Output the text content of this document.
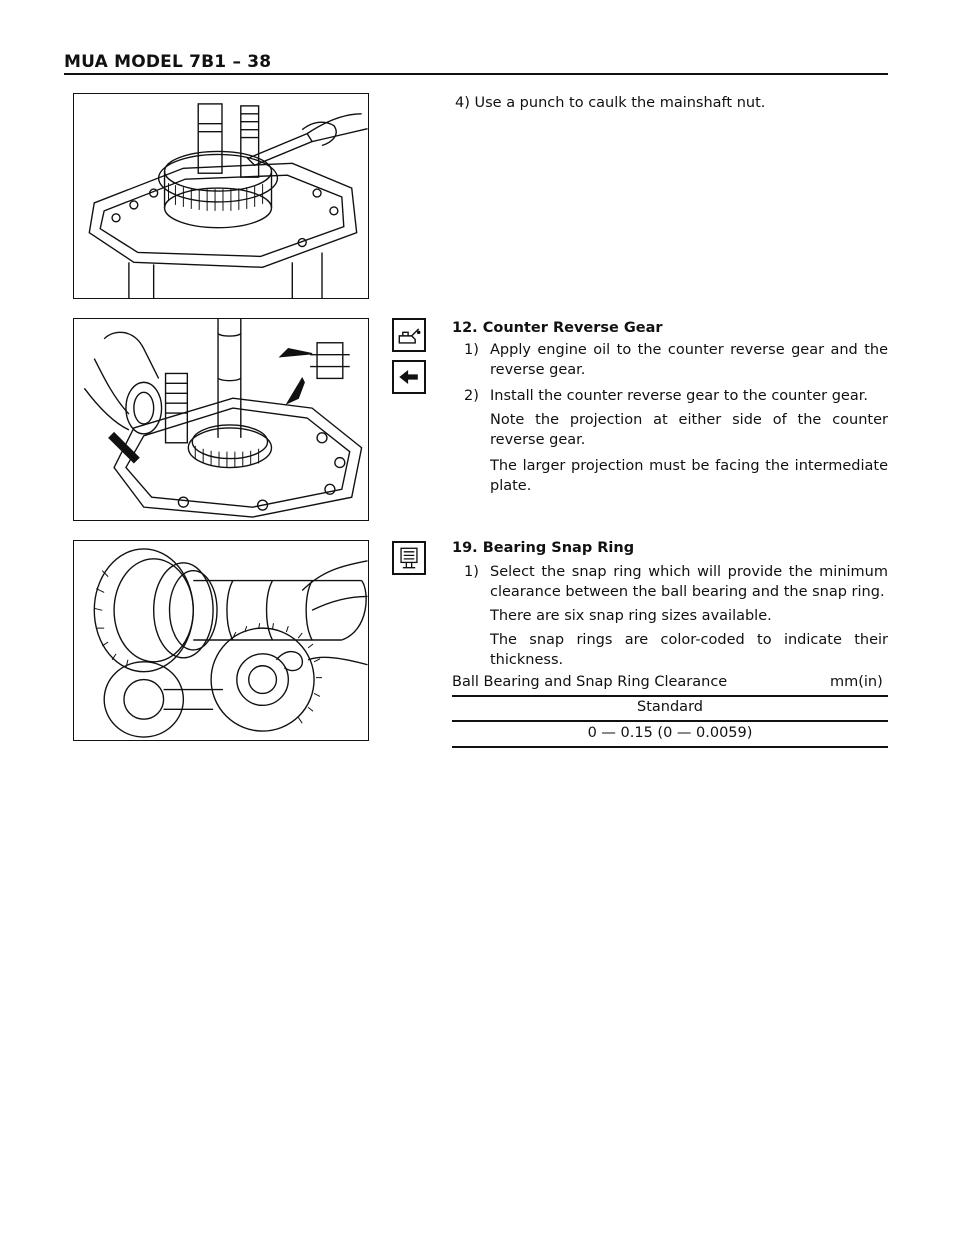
MUA MODEL 7B1 – 38
4) Use a punch to caulk the mainshaft nut.
12. Counter Reverse Gear
1) Apply engine oil to the counter reverse gear and the reverse gear.
2) Install the counter reverse gear to the counter gear.
Note the projection at either side of the counter reverse gear.
The larger projection must be facing the intermediate plate.
19. Bearing Snap Ring
1) Select the snap ring which will provide the minimum clearance between the ball bearing and the snap ring.
There are six snap ring sizes available.
The snap rings are color-coded to indicate their thickness.
Ball Bearing and Snap Ring Clearance	mm(in)
Standard
0 — 0.15 (0 — 0.0059)
